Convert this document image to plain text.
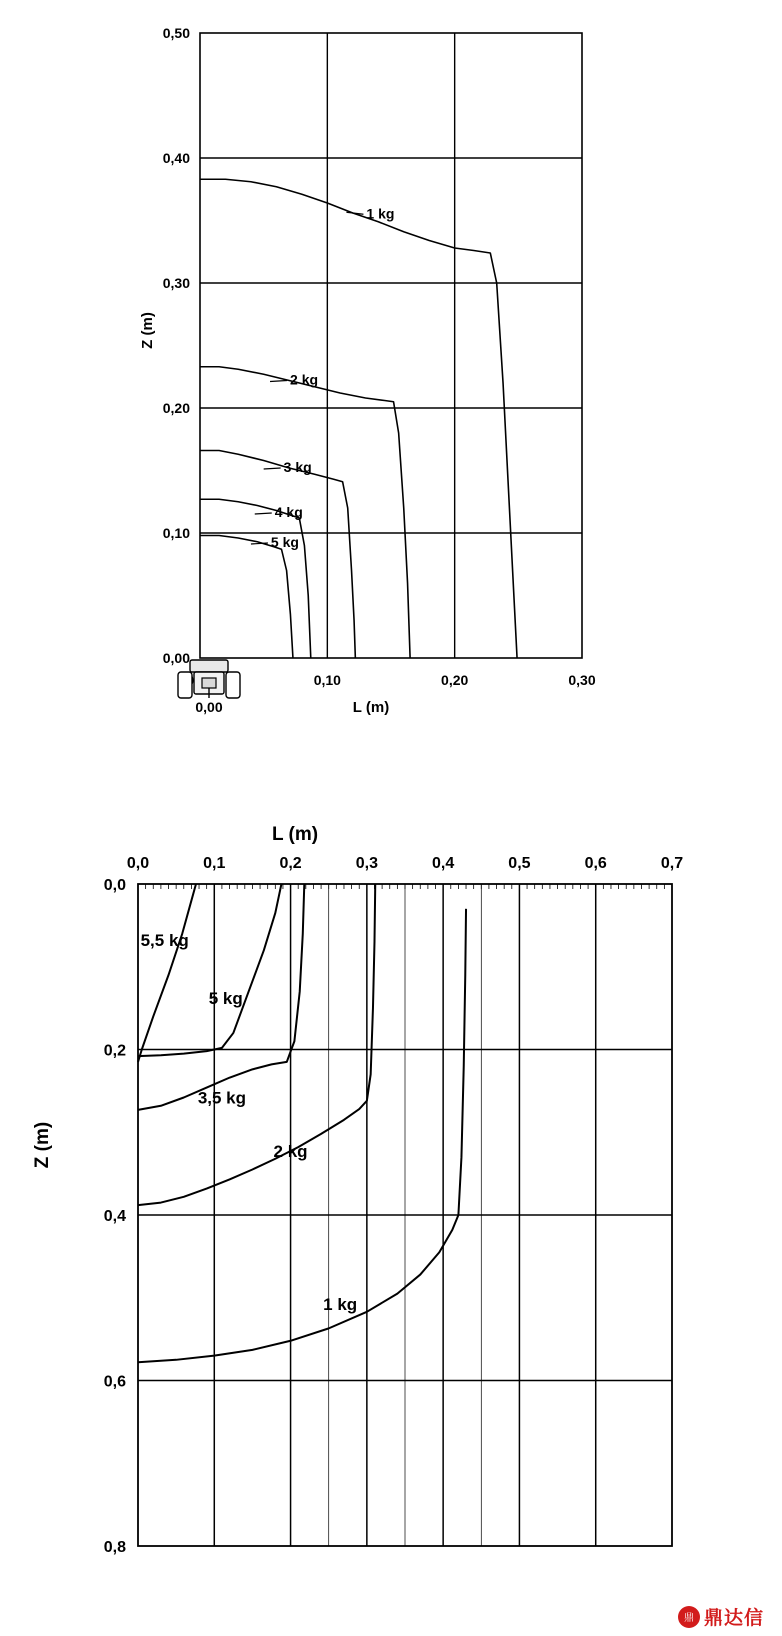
0,10	0,20	0,30
0,00
0,10
0,20
0,30
0,40
0,50
L (m)
Z (m)
1 kg
2 kg
3 kg
4 kg
5 kg
0,00
0,0	0,1	0,2	0,3	0,4	0,5	0,6	0,7
0,0
0,2
0,4
0,6
0,8
L (m)
Z (m)
5,5 kg
5 kg
3,5 kg
2 kg
1 kg
鼎 鼎达信
